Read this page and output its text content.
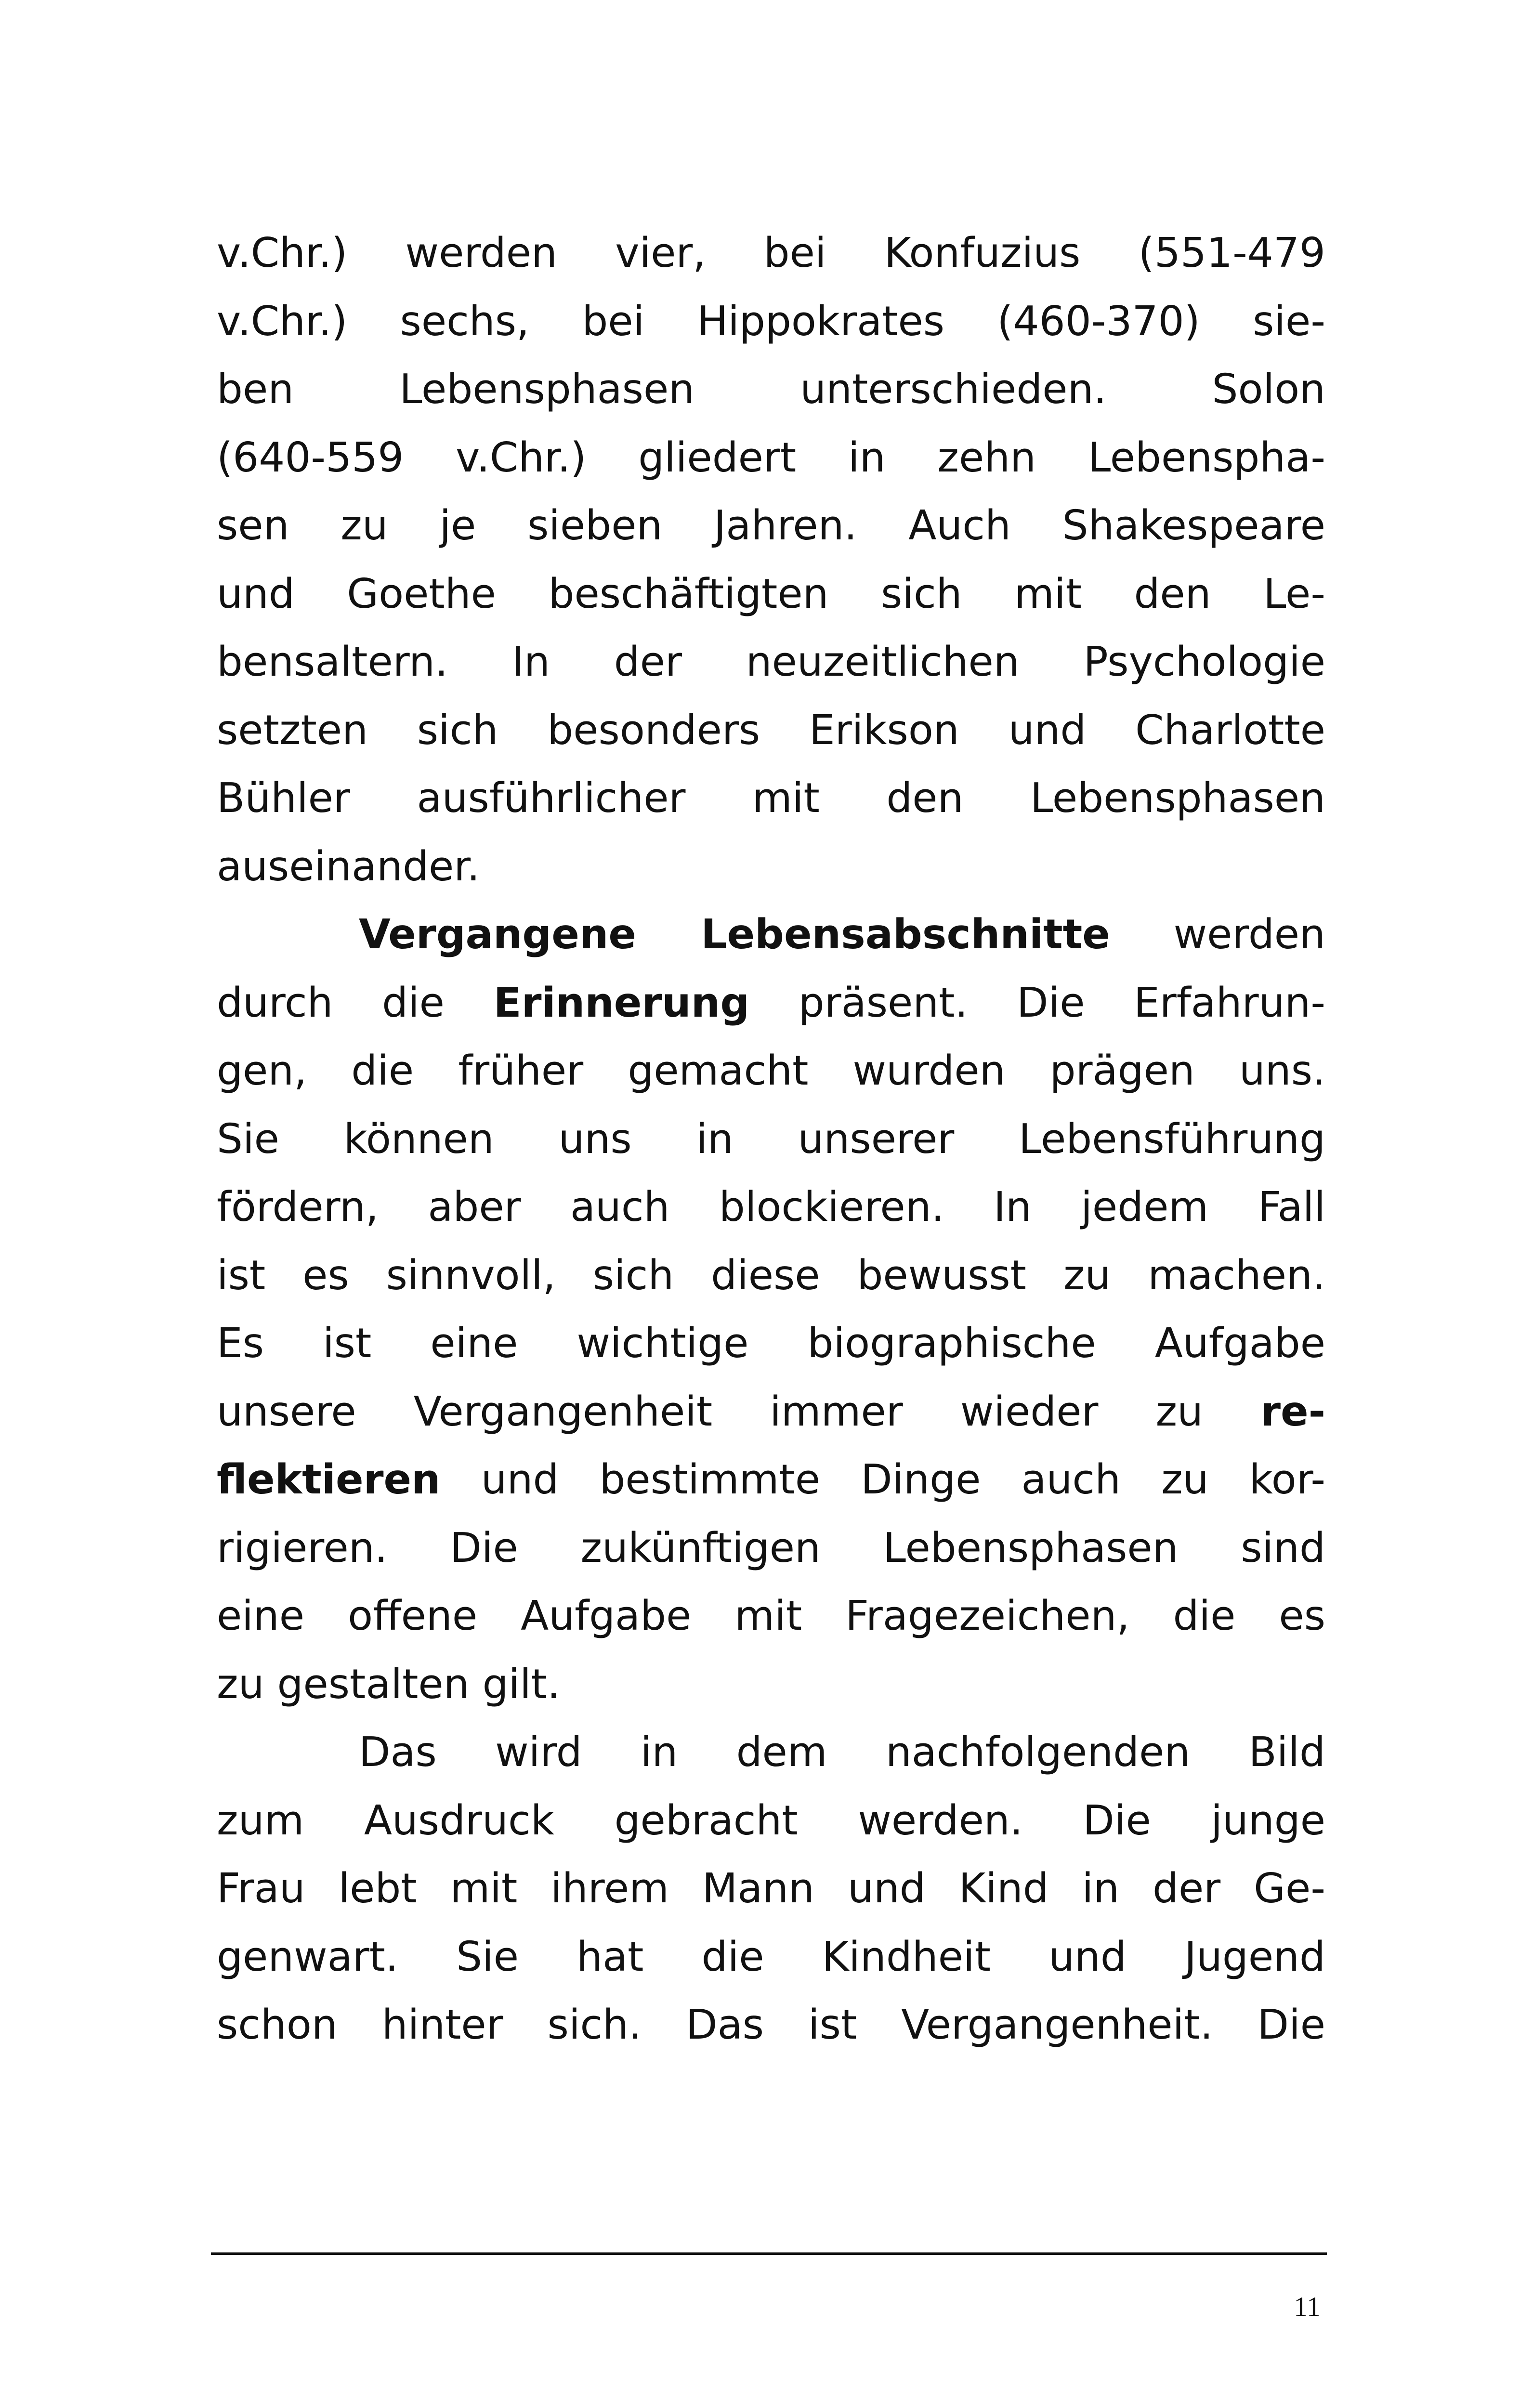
v.Chr.) werden vier, bei Konfuzius (551-479
v.Chr.) sechs, bei Hippokrates (460-370) sie-
ben Lebensphasen unterschieden. Solon
(640-559 v.Chr.) gliedert in zehn Lebenspha-
sen zu je sieben Jahren. Auch Shakespeare
und Goethe beschäftigten sich mit den Le-
bensaltern. In der neuzeitlichen Psychologie
setzten sich besonders Erikson und Charlotte
Bühler ausführlicher mit den Lebensphasen
auseinander.
Vergangene Lebensabschnitte werden
durch die Erinnerung präsent. Die Erfahrun-
gen, die früher gemacht wurden prägen uns.
Sie können uns in unserer Lebensführung
fördern, aber auch blockieren. In jedem Fall
ist es sinnvoll, sich diese bewusst zu machen.
Es ist eine wichtige biographische Aufgabe
unsere Vergangenheit immer wieder zu re-
flektieren und bestimmte Dinge auch zu kor-
rigieren. Die zukünftigen Lebensphasen sind
eine offene Aufgabe mit Fragezeichen, die es
zu gestalten gilt.
Das wird in dem nachfolgenden Bild
zum Ausdruck gebracht werden. Die junge
Frau lebt mit ihrem Mann und Kind in der Ge-
genwart. Sie hat die Kindheit und Jugend
schon hinter sich. Das ist Vergangenheit. Die
11
